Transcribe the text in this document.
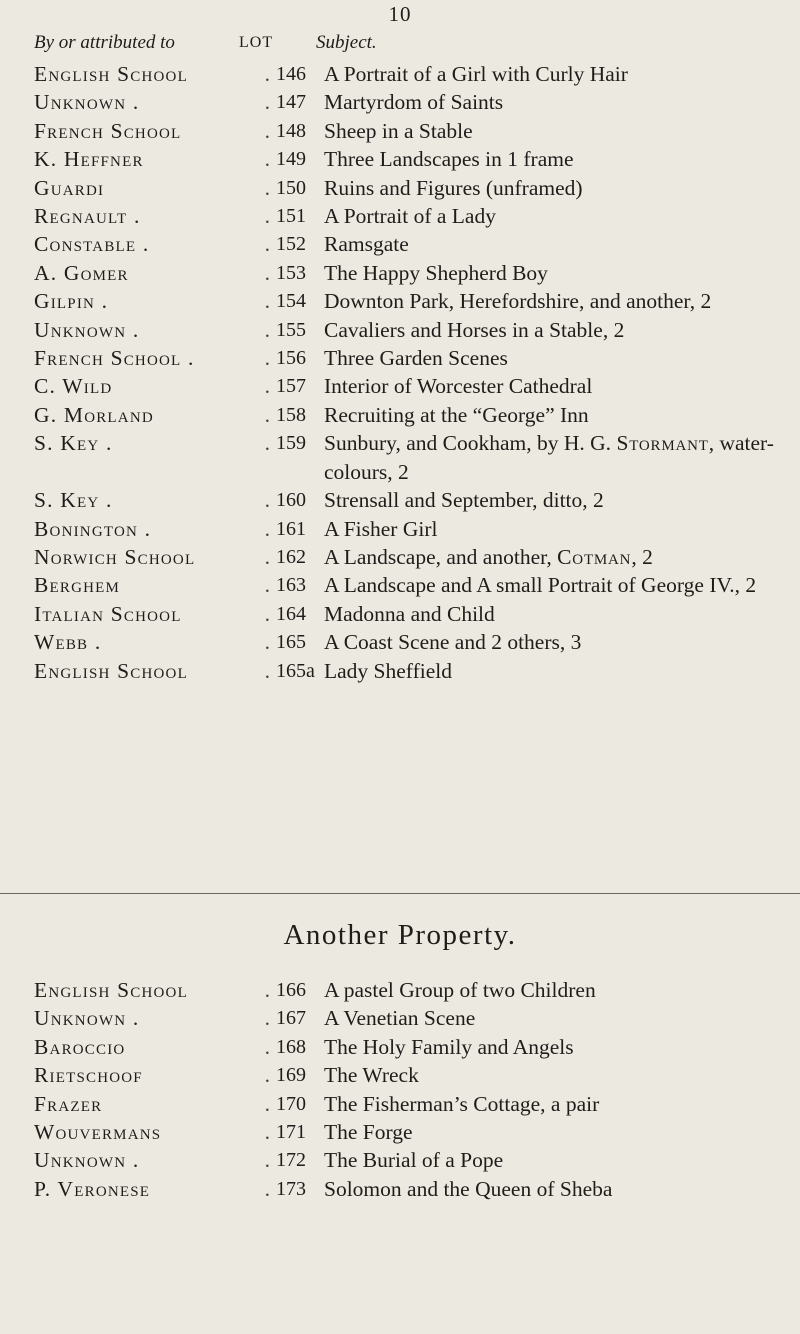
10
By or attributed to	LOT Subject.
English School	. 146 A Portrait of a Girl with Curly Hair
Unknown .	. 147 Martyrdom of Saints
French School	. 148 Sheep in a Stable
K. Heffner	. 149 Three Landscapes in 1 frame
Guardi	. 150 Ruins and Figures (unframed)
Regnault .	. 151 A Portrait of a Lady
Constable .	. 152 Ramsgate
A. Gomer	. 153 The Happy Shepherd Boy
Gilpin .	. 154 Downton Park, Herefordshire, and another, 2
Unknown .	. 155 Cavaliers and Horses in a Stable, 2
French School .	. 156 Three Garden Scenes
C. Wild	. 157 Interior of Worcester Cathedral
G. Morland	. 158 Recruiting at the “George” Inn
S. Key .	. 159 Sunbury, and Cookham, by H. G. Stormant, water-colours, 2
S. Key .	. 160 Strensall and September, ditto, 2
Bonington .	. 161 A Fisher Girl
Norwich School	. 162 A Landscape, and another, Cotman, 2
Berghem	. 163 A Landscape and A small Portrait of George IV., 2
Italian School	. 164 Madonna and Child
Webb .	. 165 A Coast Scene and 2 others, 3
English School	. 165a Lady Sheffield
Another Property.
English School	. 166 A pastel Group of two Children
Unknown .	. 167 A Venetian Scene
Baroccio	. 168 The Holy Family and Angels
Rietschoof	. 169 The Wreck
Frazer	. 170 The Fisherman’s Cottage, a pair
Wouvermans	. 171 The Forge
Unknown .	. 172 The Burial of a Pope
P. Veronese	. 173 Solomon and the Queen of Sheba
